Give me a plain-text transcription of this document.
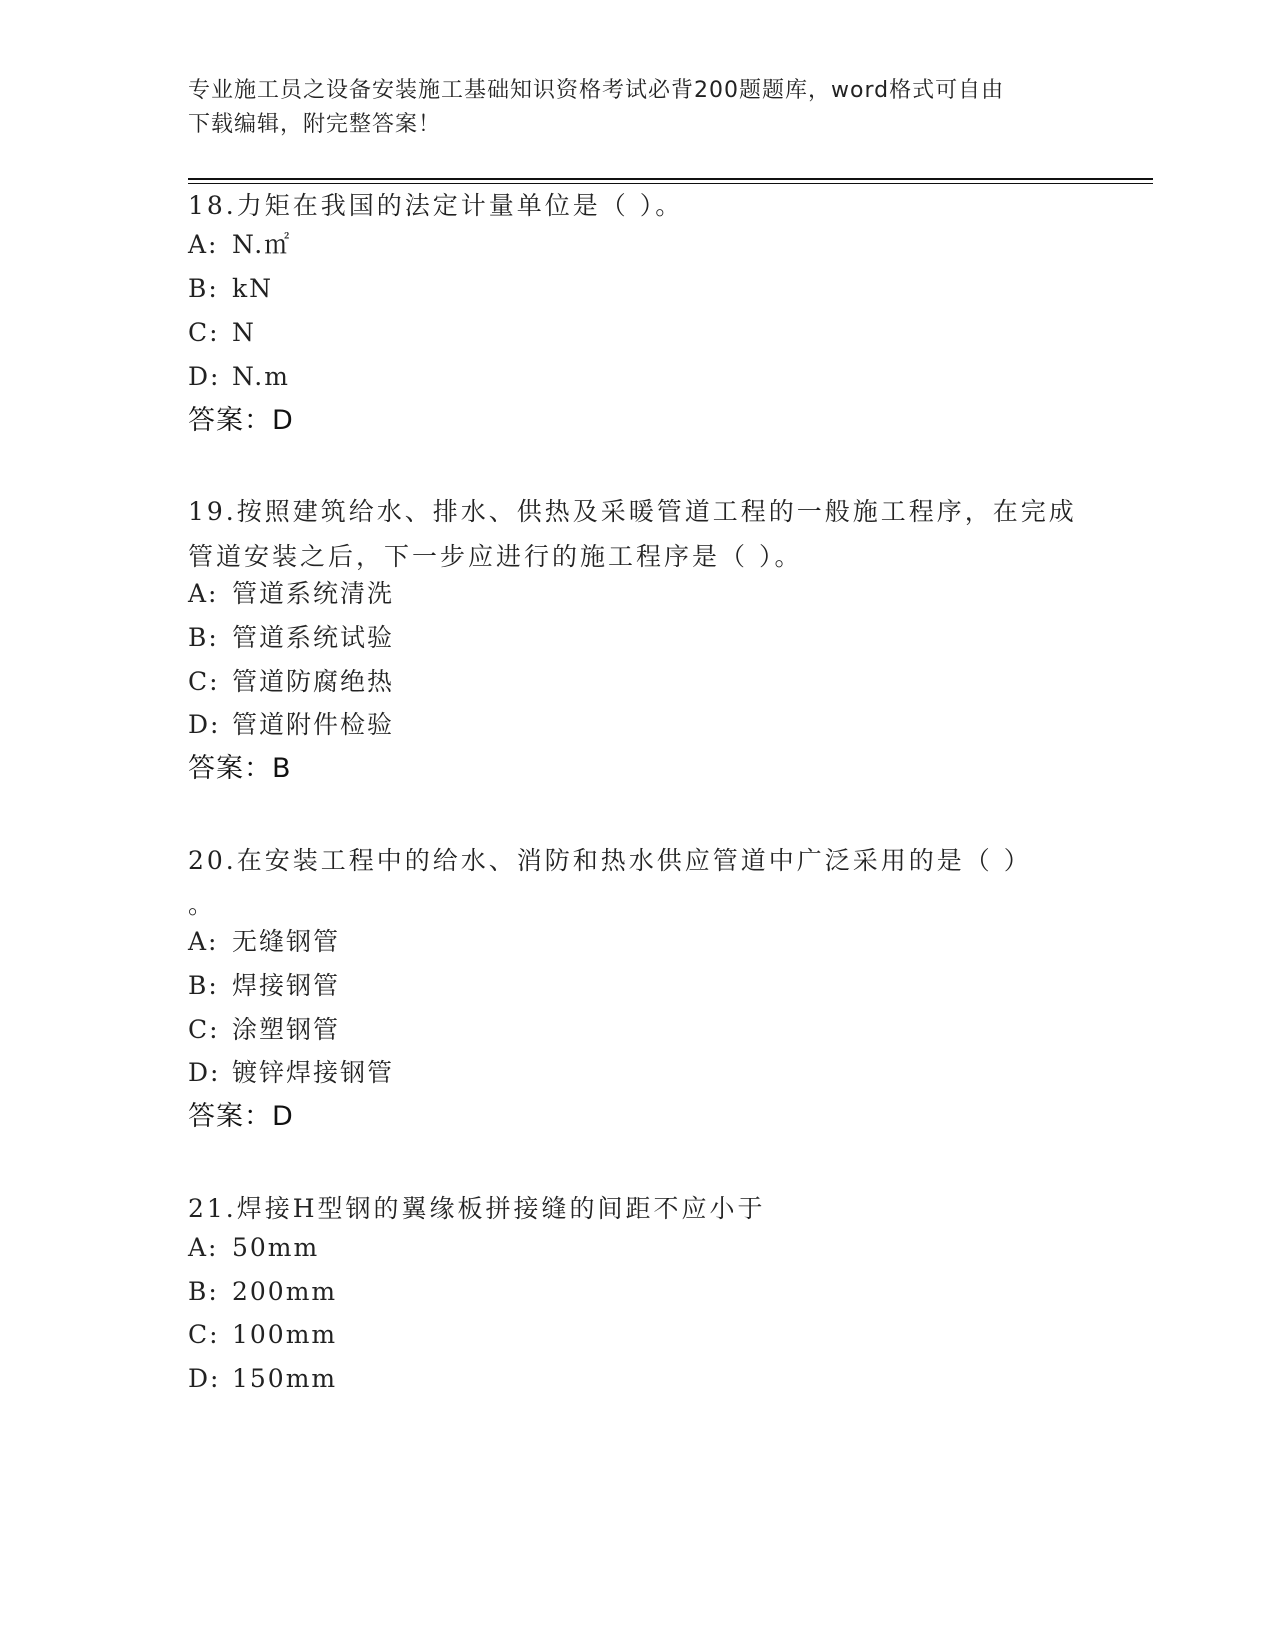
专业施工员之设备安装施工基础知识资格考试必背200题题库，word格式可自由
下载编辑，附完整答案！
18.力矩在我国的法定计量单位是（ ）。
A: N.㎡
B: kN
C: N
D: N.m
答案：D
19.按照建筑给水、排水、供热及采暖管道工程的一般施工程序，在完成管道安装之后，下一步应进行的施工程序是（ ）。
A: 管道系统清洗
B: 管道系统试验
C: 管道防腐绝热
D: 管道附件检验
答案：B
20.在安装工程中的给水、消防和热水供应管道中广泛采用的是（ ）
。
A: 无缝钢管
B: 焊接钢管
C: 涂塑钢管
D: 镀锌焊接钢管
答案：D
21.焊接H型钢的翼缘板拼接缝的间距不应小于
A: 50mm
B: 200mm
C: 100mm
D: 150mm
